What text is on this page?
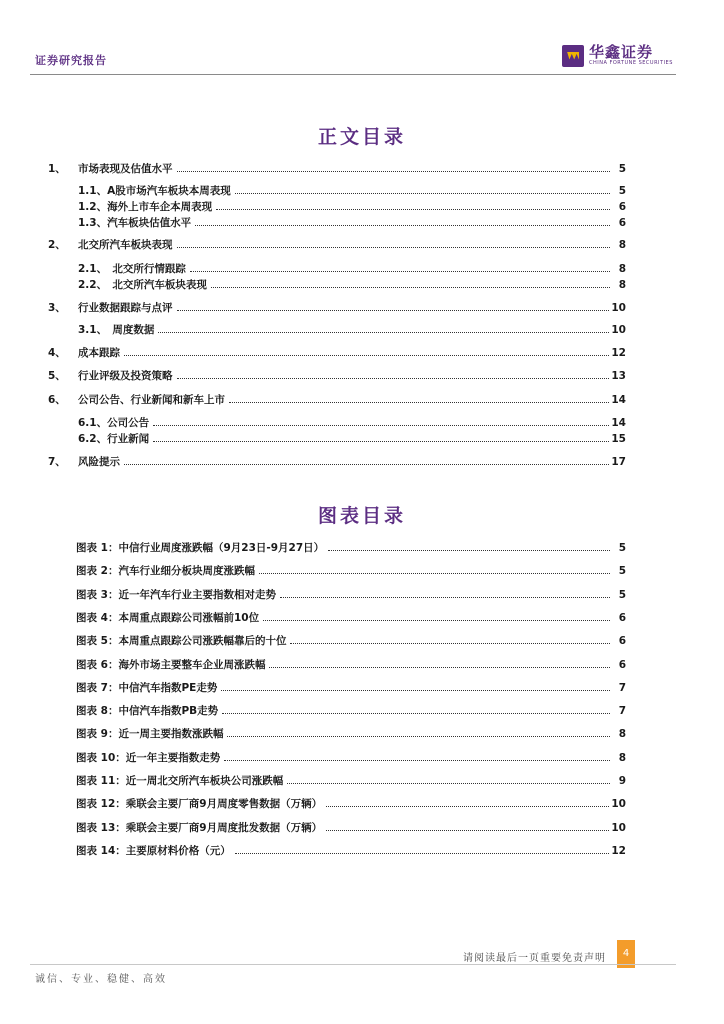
证券研究报告	华鑫证券
CHINA FORTUNE SECURITIES
正文目录
1、	市场表现及估值水平	5
1.1、A股市场汽车板块本周表现	5
1.2、海外上市车企本周表现	6
1.3、汽车板块估值水平	6
2、	北交所汽车板块表现	8
2.1、　北交所行情跟踪	8
2.2、　北交所汽车板块表现	8
3、	行业数据跟踪与点评	10
3.1、　周度数据	10
4、	成本跟踪	12
5、	行业评级及投资策略	13
6、	公司公告、行业新闻和新车上市	14
6.1、公司公告	14
6.2、行业新闻	15
7、	风险提示	17
图表目录
图表 1：中信行业周度涨跌幅（9月23日-9月27日）	5
图表 2：汽车行业细分板块周度涨跌幅	5
图表 3：近一年汽车行业主要指数相对走势	5
图表 4：本周重点跟踪公司涨幅前10位	6
图表 5：本周重点跟踪公司涨跌幅靠后的十位	6
图表 6：海外市场主要整车企业周涨跌幅	6
图表 7：中信汽车指数PE走势	7
图表 8：中信汽车指数PB走势	7
图表 9：近一周主要指数涨跌幅	8
图表 10：近一年主要指数走势	8
图表 11：近一周北交所汽车板块公司涨跌幅	9
图表 12：乘联会主要厂商9月周度零售数据（万辆）	10
图表 13：乘联会主要厂商9月周度批发数据（万辆）	10
图表 14：主要原材料价格（元）	12
请阅读最后一页重要免责声明	4
诚信、专业、稳健、高效
